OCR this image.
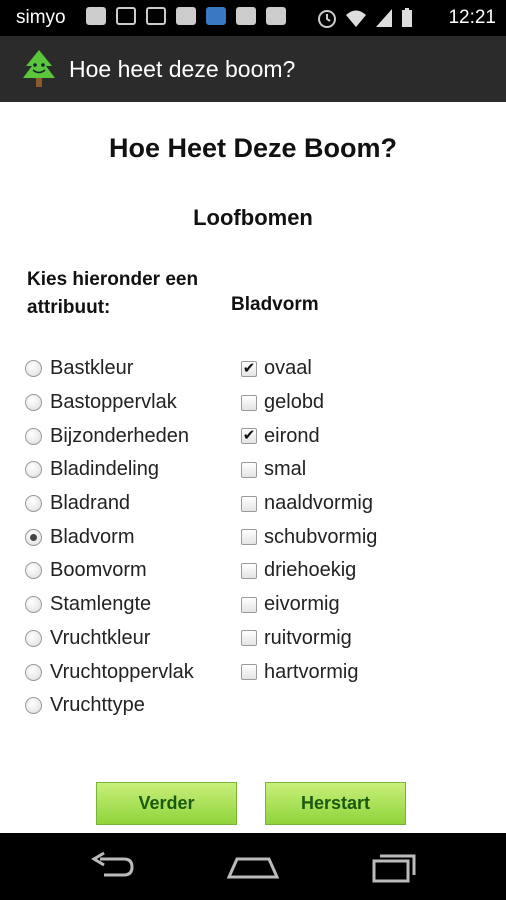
simyo	12:21
Hoe heet deze boom?
Hoe Heet Deze Boom?
Loofbomen
Kies hieronder een attribuut:	Bladvorm
Bastkleur
Bastoppervlak
Bijzonderheden
Bladindeling
Bladrand
Bladvorm
Boomvorm
Stamlengte
Vruchtkleur
Vruchtoppervlak
Vruchttype
✔ ovaal
gelobd
✔ eirond
smal
naaldvormig
schubvormig
driehoekig
eivormig
ruitvormig
hartvormig
Verder	Herstart
